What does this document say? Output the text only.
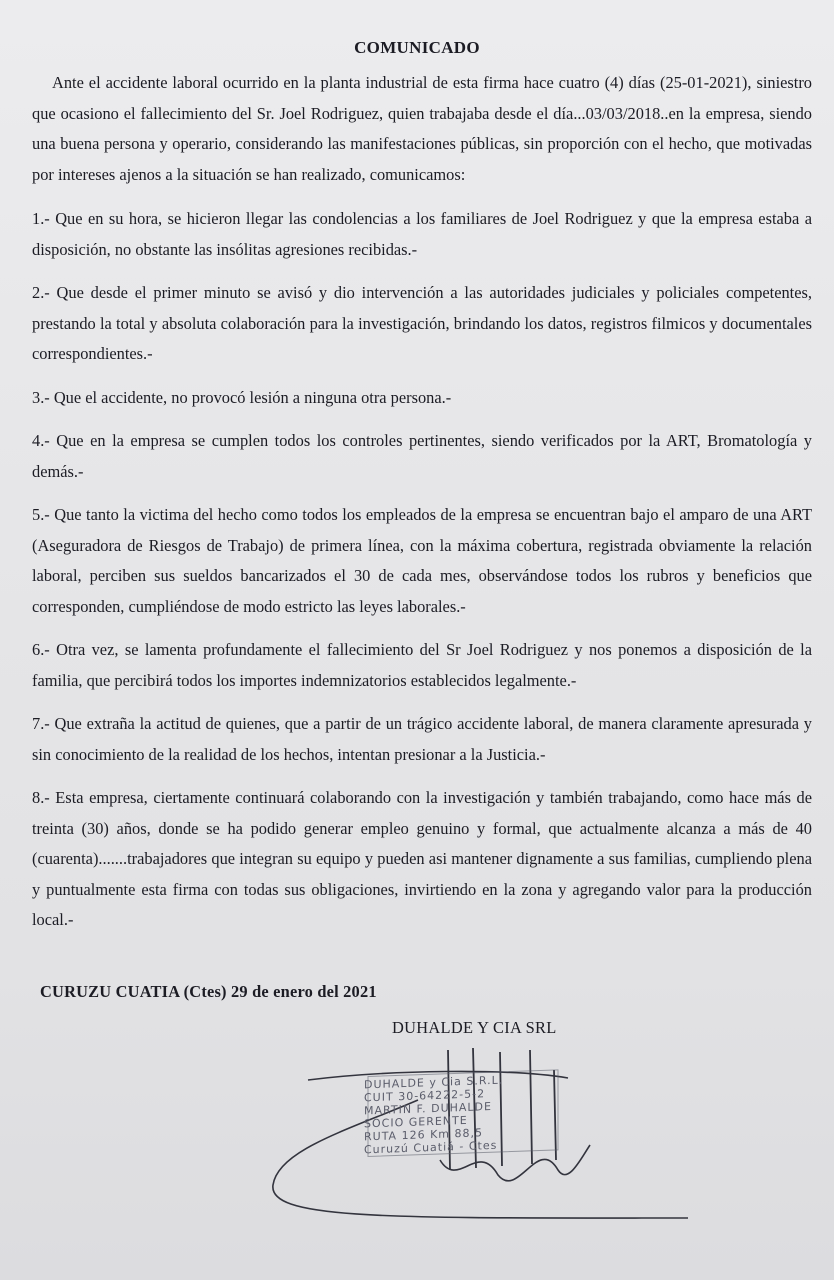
COMUNICADO

Ante el accidente laboral ocurrido en la planta industrial de esta firma hace cuatro (4) días (25-01-2021), siniestro que ocasiono el fallecimiento del Sr. Joel Rodriguez, quien trabajaba desde el día...03/03/2018..en la empresa, siendo una buena persona y operario, considerando las manifestaciones públicas, sin proporción con el hecho, que motivadas por intereses ajenos a la situación se han realizado, comunicamos:

1.- Que en su hora, se hicieron llegar las condolencias a los familiares de Joel Rodriguez y que la empresa estaba a disposición, no obstante las insólitas agresiones recibidas.-

2.- Que desde el primer minuto se avisó y dio intervención a las autoridades judiciales y policiales competentes, prestando la total y absoluta colaboración para la investigación, brindando los datos, registros filmicos y documentales correspondientes.-

3.- Que el accidente, no provocó lesión a ninguna otra persona.-

4.- Que en la empresa se cumplen todos los controles pertinentes, siendo verificados por la ART, Bromatología y demás.-

5.- Que tanto la victima del hecho como todos los empleados de la empresa se encuentran bajo el amparo de una ART (Aseguradora de Riesgos de Trabajo) de primera línea, con la máxima cobertura, registrada obviamente la relación laboral, perciben sus sueldos bancarizados el 30 de cada mes, observándose todos los rubros y beneficios que corresponden, cumpliéndose de modo estricto las leyes laborales.-

6.- Otra vez, se lamenta profundamente el fallecimiento del Sr Joel Rodriguez y nos ponemos a disposición de la familia, que percibirá todos los importes indemnizatorios establecidos legalmente.-

7.- Que extraña la actitud de quienes, que a partir de un trágico accidente laboral, de manera claramente apresurada y sin conocimiento de la realidad de los hechos, intentan presionar a la Justicia.-

8.- Esta empresa, ciertamente continuará colaborando con la investigación y también trabajando, como hace más de treinta (30) años, donde se ha podido generar empleo genuino y formal, que actualmente alcanza a más de 40 (cuarenta).......trabajadores que integran su equipo y pueden asi mantener dignamente a sus familias, cumpliendo plena y puntualmente esta firma con todas sus obligaciones, invirtiendo en la zona y agregando valor para la producción local.-

CURUZU CUATIA (Ctes) 29 de enero del 2021
DUHALDE Y CIA SRL
DUHALDE y Cia S.R.L.
CUIT 30-64222-5-2
MARTIN F. DUHALDE
SOCIO GERENTE
RUTA 126 Km 88,5
Curuzú Cuatiá - Ctes
